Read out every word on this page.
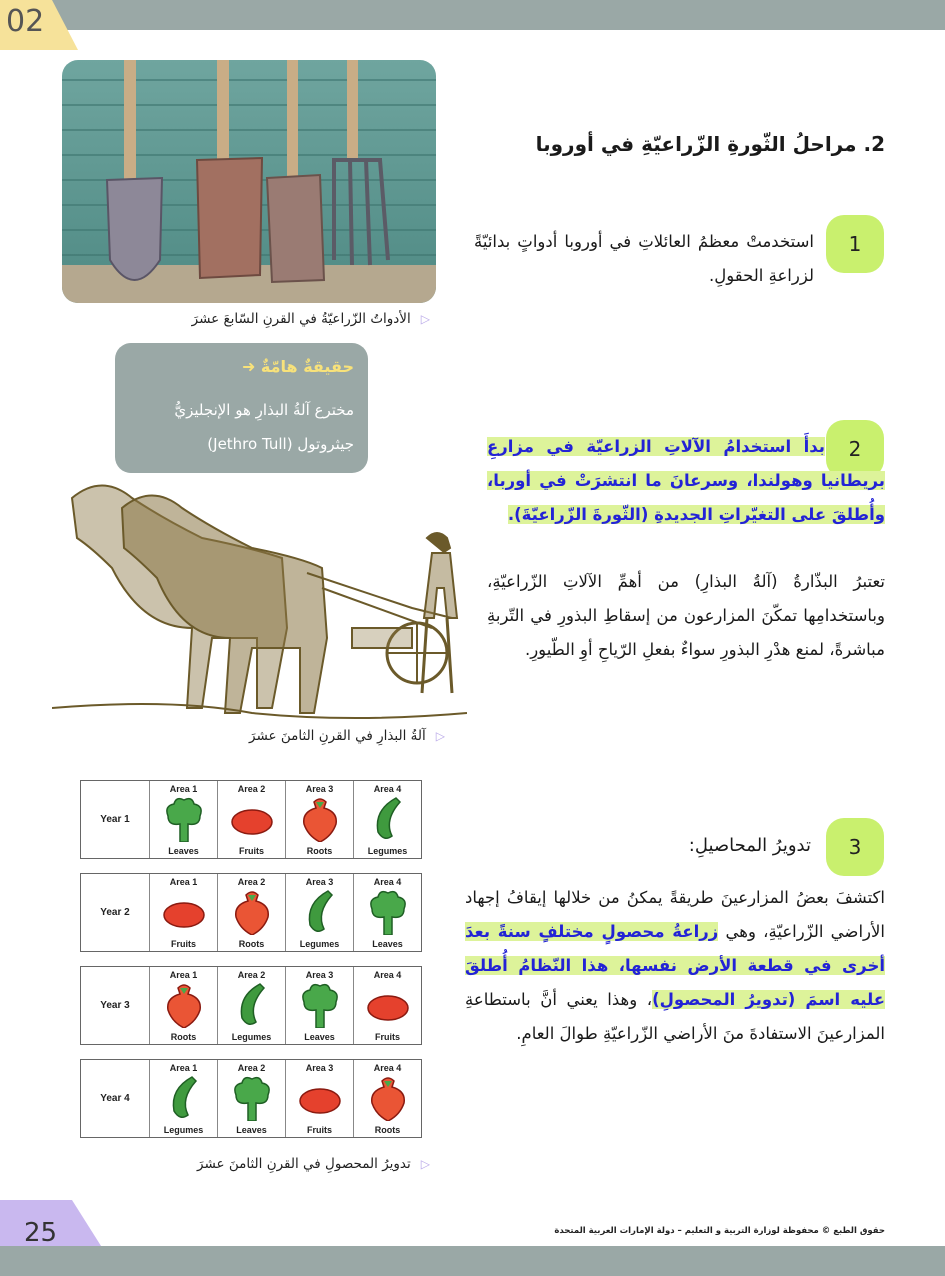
02
▷الأدواتُ الزّراعيّةُ في القرنِ السّابعَ عشرَ
2. مراحلُ الثّورةِ الزّراعيّةِ في أوروبا
1
استخدمتْ معظمُ العائلاتِ في أوروبا أدواتٍ بدائيّةً لزراعةِ الحقولِ.
حقيقةٌ هامّةٌ ➜
مخترع آلةُ البذارِ هو الإنجليزيُّ
جيثروتول (Jethro Tull)	2
بدأَ استخدامُ الآلاتِ الزراعيّة في مزارعِ بريطانيا وهولندا، وسرعانَ ما انتشرَتْ في أوربا، وأُطلقَ على التغيّراتِ الجديدةِ (الثّورةَ الزّراعيّةَ).
تعتبرُ البذّارةُ (آلةُ البذارِ) من أهمِّ الآلاتِ الزّراعيّةِ، وباستخدامِها تمكّنَ المزارعون من إسقاطِ البذورِ في التّربةِ مباشرةً، لمنع هدْرِ البذورِ سواءٌ بفعلِ الرّياحِ أوِ الطّيورِ.
▷آلةُ البذارِ في القرنِ الثامنَ عشرَ
3
تدويرُ المحاصيلِ:
اكتشفَ بعضُ المزارعينَ طريقةً يمكنُ من خلالها إيقافُ إجهاد الأراضي الزّراعيّةِ، وهي زراعةُ محصولٍ مختلفٍ سنةً بعدَ أخرى في قطعة الأرض نفسها، هذا النّظامُ أُطلقَ عليه اسمَ (تدويرُ المحصولِ)، وهذا يعني أنَّ باستطاعةِ المزارعينَ الاستفادةَ منَ الأراضي الزّراعيّةِ طوالَ العامِ.
Year 1
Area 1
Leaves
Area 2
Fruits
Area 3
Roots
Area 4
Legumes
Year 2
Area 1
Fruits
Area 2
Roots
Area 3
Legumes
Area 4
Leaves
Year 3
Area 1
Roots
Area 2
Legumes
Area 3
Leaves
Area 4
Fruits
Year 4
Area 1
Legumes
Area 2
Leaves
Area 3
Fruits
Area 4
Roots
▷تدويرُ المحصولِ في القرنِ الثامنَ عشرَ
25	حقوق الطبع © محفوظة لوزارة التربية و التعليم – دولة الإمارات العربية المتحدة
